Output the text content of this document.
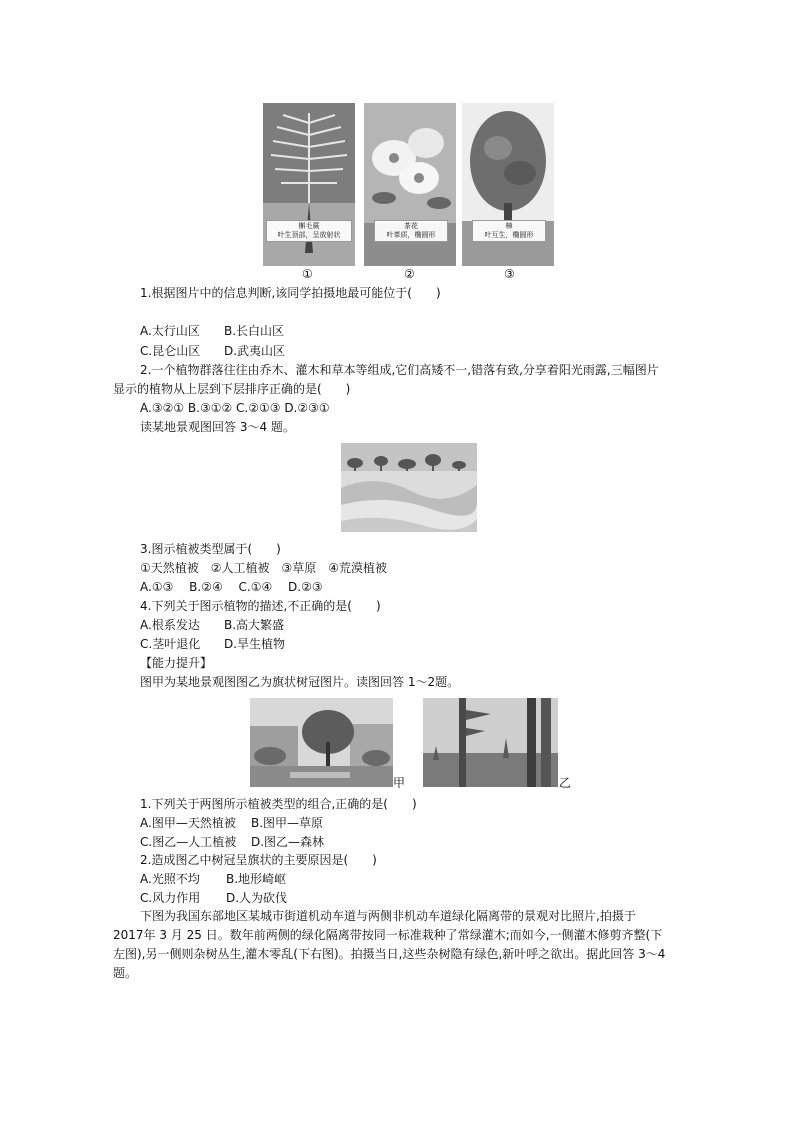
槲毛蕨
叶生顶部，呈放射状
茶花
叶革质，椭圆形
樟
叶互生，椭圆形
①	②	③
1.根据图片中的信息判断,该同学拍摄地最可能位于(　　)
A.太行山区 B.长白山区
C.昆仑山区 D.武夷山区
2.一个植物群落往往由乔木、灌木和草本等组成,它们高矮不一,错落有致,分享着阳光雨露,三幅图片
显示的植物从上层到下层排序正确的是(　　)
A.③②① B.③①② C.②①③ D.②③①
读某地景观图回答 3～4 题。
3.图示植被类型属于(　　)
①天然植被　②人工植被　③草原　④荒漠植被
A.①③　 B.②④　 C.①④　 D.②③
4.下列关于图示植物的描述,不正确的是(　　)
A.根系发达 B.高大繁盛
C.茎叶退化 D.旱生植物
【能力提升】
图甲为某地景观图图乙为旗状树冠图片。读图回答 1～2题。
甲	乙
1.下列关于两图所示植被类型的组合,正确的是(　　)
A.图甲—天然植被 B.图甲—草原
C.图乙—人工植被 D.图乙—森林
2.造成图乙中树冠呈旗状的主要原因是(　　)
A.光照不均 B.地形崎岖
C.风力作用 D.人为砍伐
下图为我国东部地区某城市街道机动车道与两侧非机动车道绿化隔离带的景观对比照片,拍摄于
2017年 3 月 25 日。数年前两侧的绿化隔离带按同一标准栽种了常绿灌木;而如今,一侧灌木修剪齐整(下
左图),另一侧则杂树丛生,灌木零乱(下右图)。拍摄当日,这些杂树隐有绿色,新叶呼之欲出。据此回答 3～4
题。
